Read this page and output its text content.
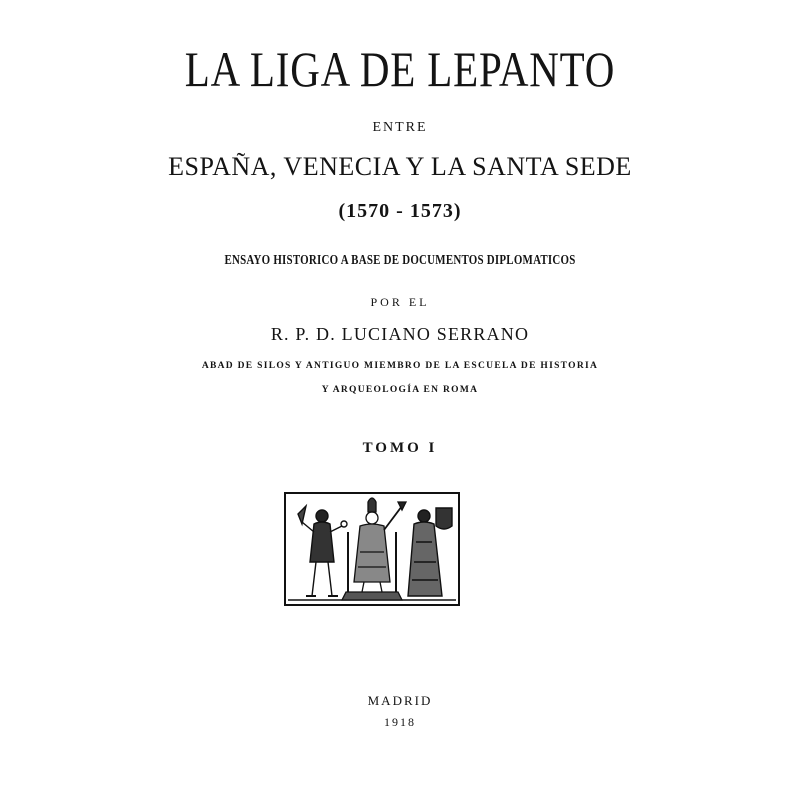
LA LIGA DE LEPANTO
ENTRE
ESPAÑA, VENECIA Y LA SANTA SEDE
(1570 - 1573)
ENSAYO HISTORICO A BASE DE DOCUMENTOS DIPLOMATICOS
POR EL
R. P. D. LUCIANO SERRANO
ABAD DE SILOS Y ANTIGUO MIEMBRO DE LA ESCUELA DE HISTORIA
Y ARQUEOLOGÍA EN ROMA
TOMO I
MADRID
1918
